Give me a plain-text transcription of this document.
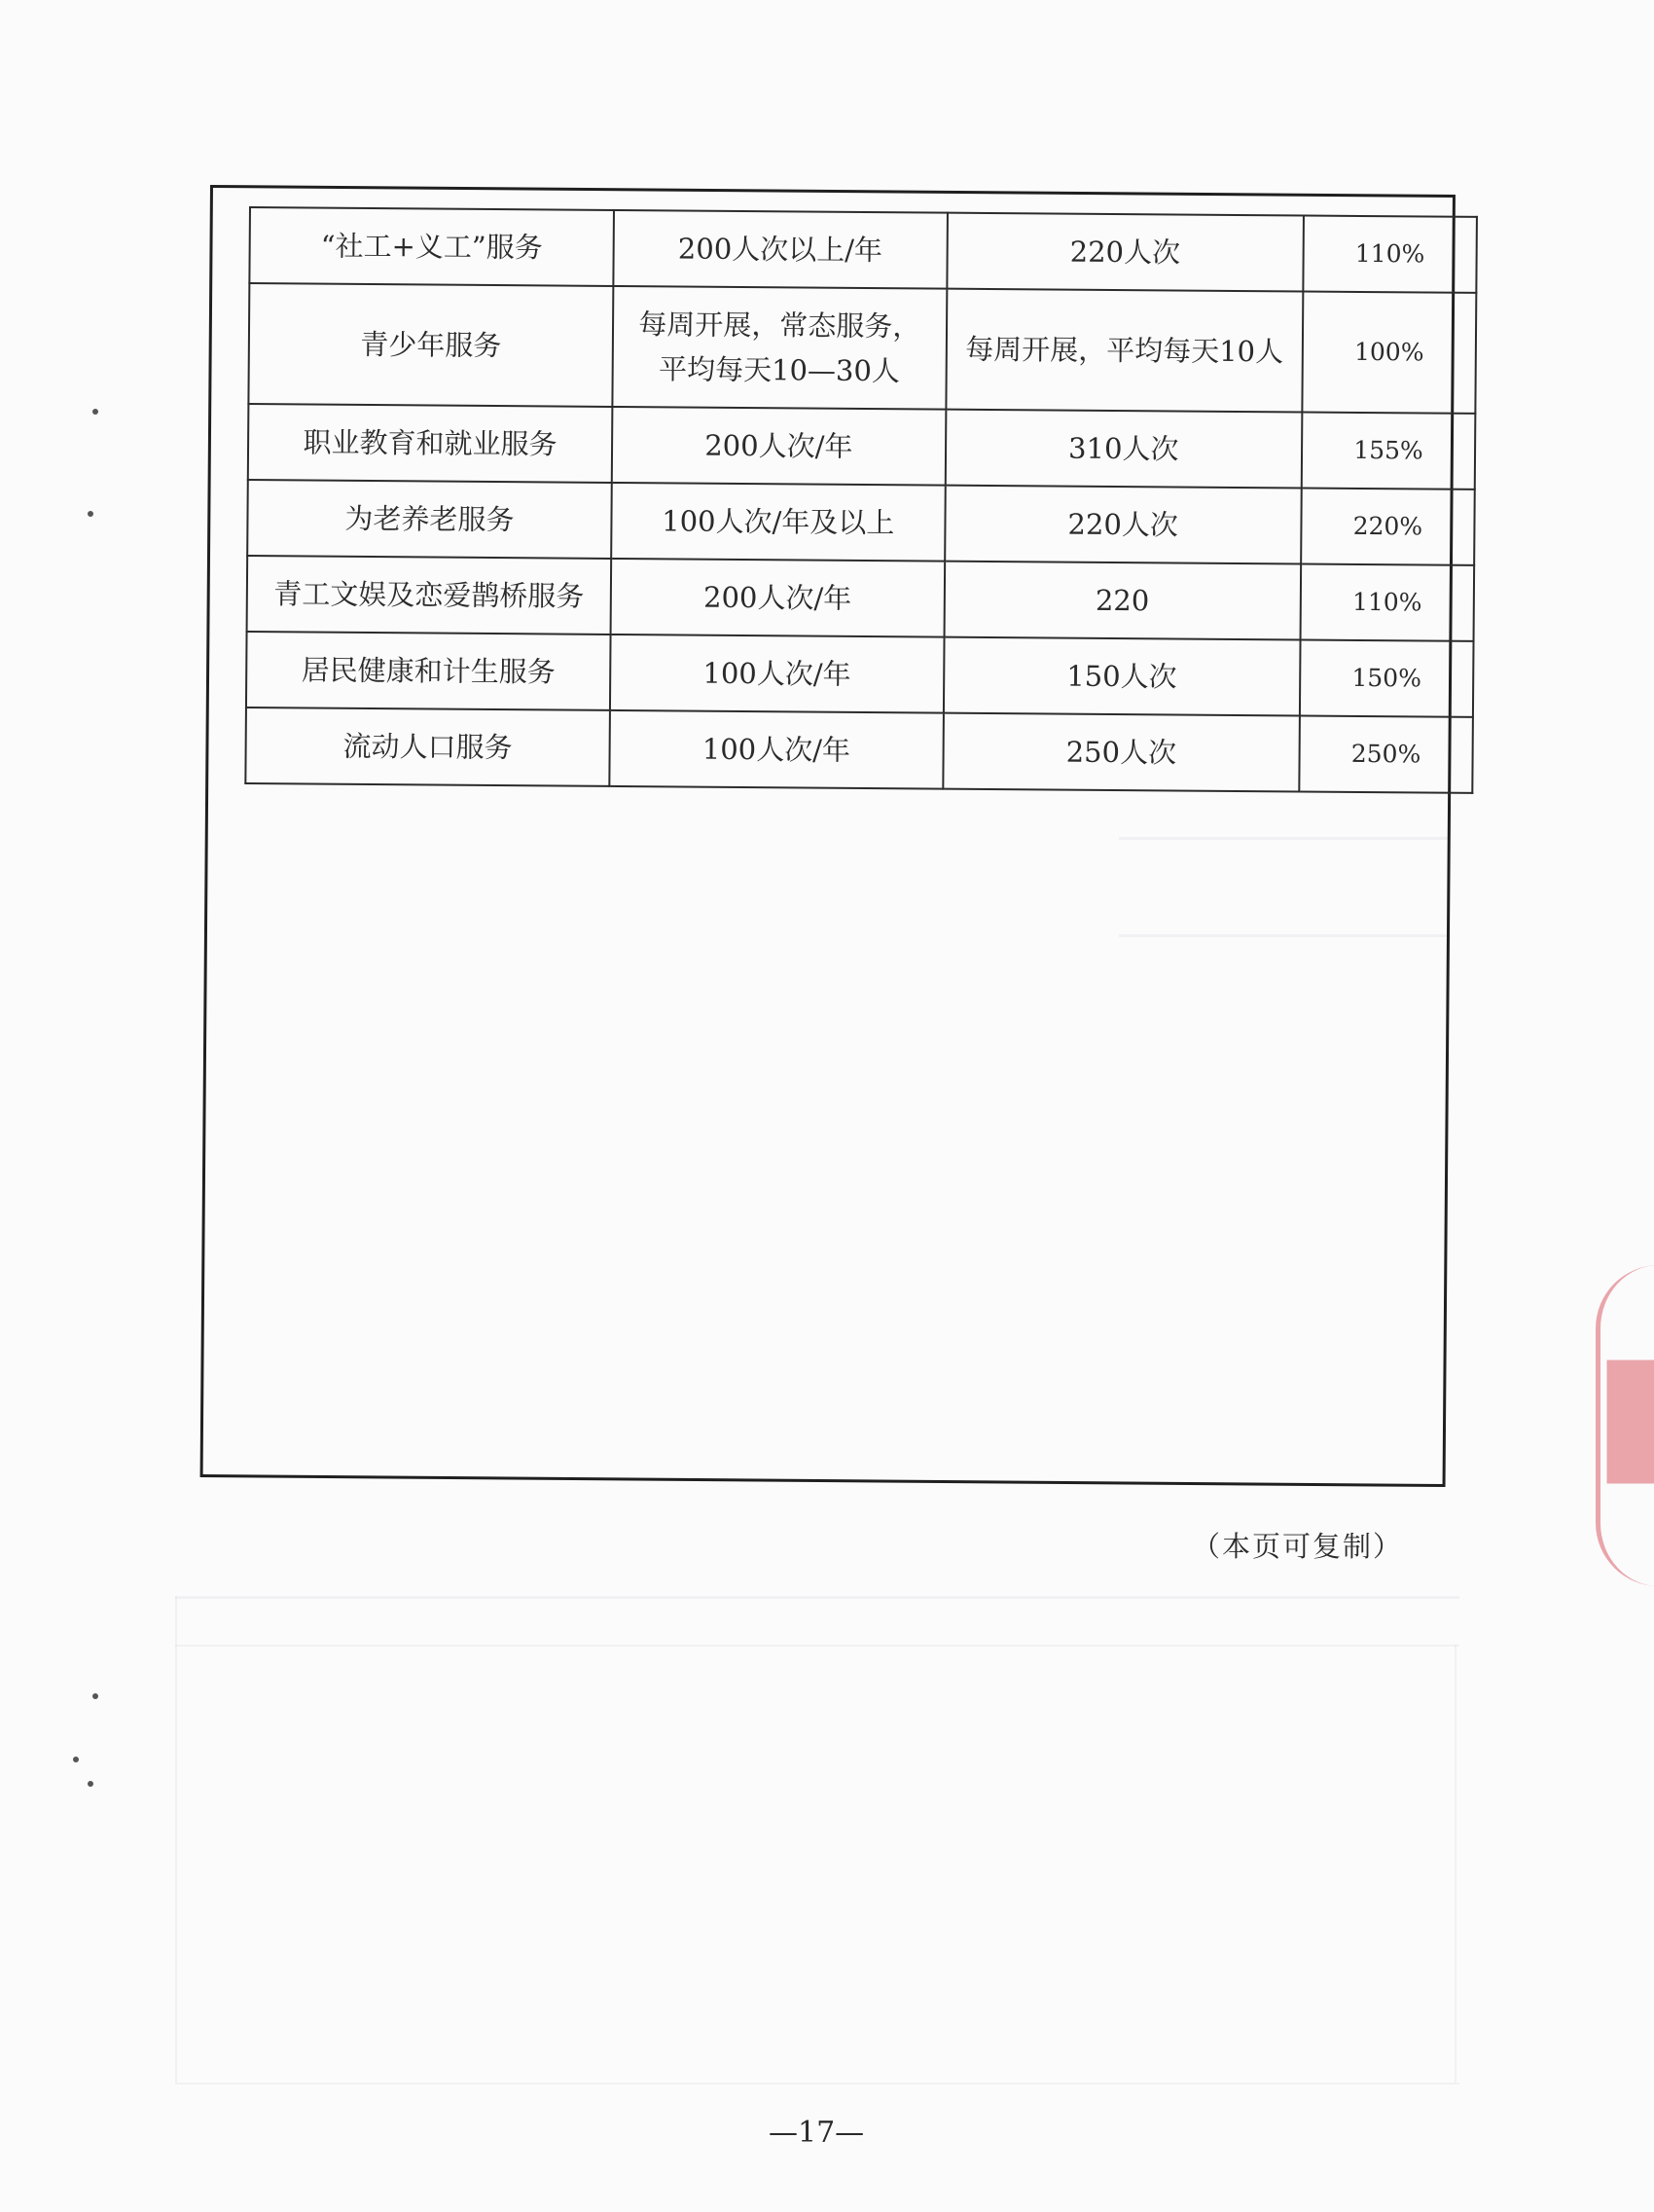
“社工+义工”服务	200人次以上/年	220人次	110%
青少年服务	每周开展，常态服务，平均每天10—30人	每周开展，平均每天10人	100%
职业教育和就业服务	200人次/年	310人次	155%
为老养老服务	100人次/年及以上	220人次	220%
青工文娱及恋爱鹊桥服务	200人次/年	220	110%
居民健康和计生服务	100人次/年	150人次	150%
流动人口服务	100人次/年	250人次	250%
（本页可复制）
—17—
